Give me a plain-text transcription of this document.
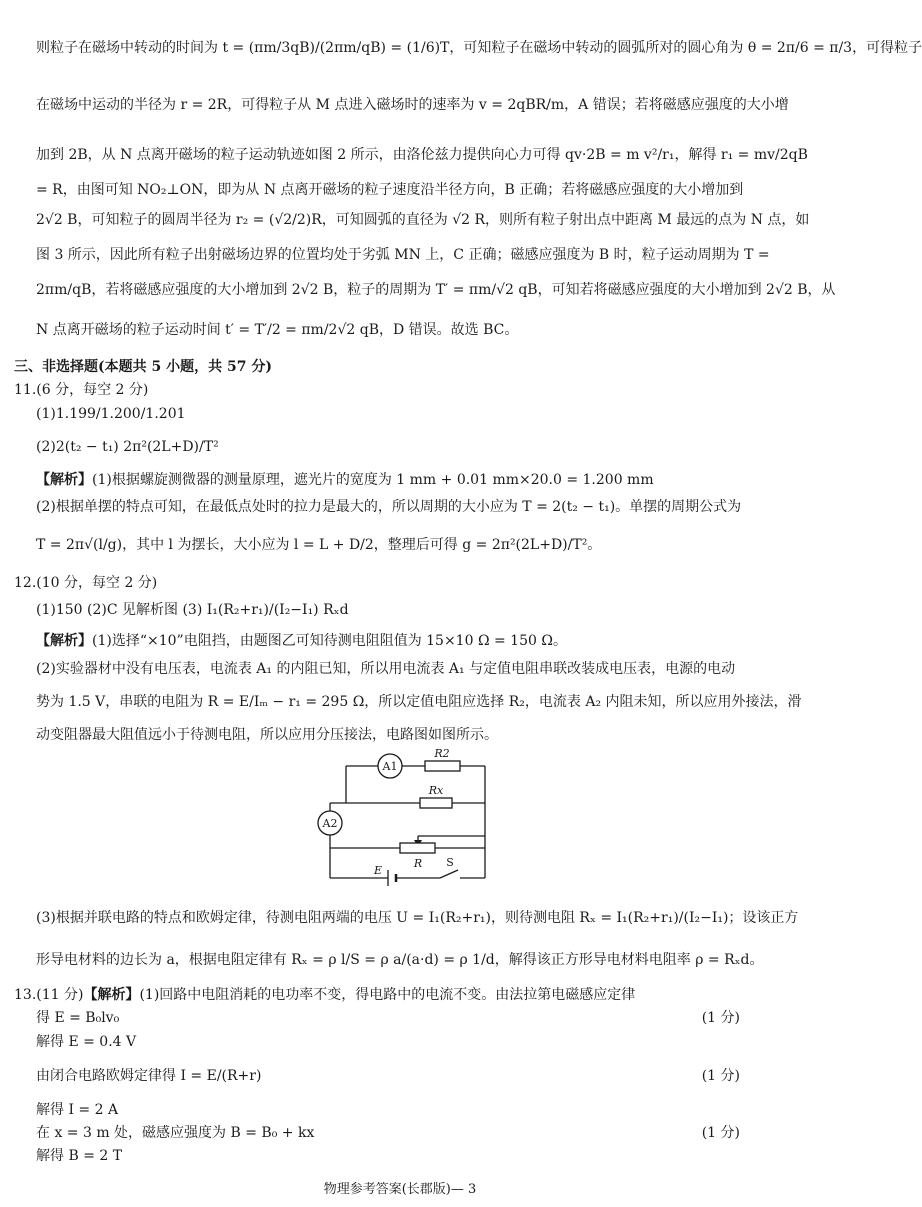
则粒子在磁场中转动的时间为 t = (πm/3qB)/(2πm/qB) = (1/6)T，可知粒子在磁场中转动的圆弧所对的圆心角为 θ = 2π/6 = π/3，可得粒子
在磁场中运动的半径为 r = 2R，可得粒子从 M 点进入磁场时的速率为 v = 2qBR/m，A 错误；若将磁感应强度的大小增
加到 2B，从 N 点离开磁场的粒子运动轨迹如图 2 所示，由洛伦兹力提供向心力可得 qv·2B = m v²/r₁，解得 r₁ = mv/2qB
= R，由图可知 NO₂⊥ON，即为从 N 点离开磁场的粒子速度沿半径方向，B 正确；若将磁感应强度的大小增加到
2√2 B，可知粒子的圆周半径为 r₂ = (√2/2)R，可知圆弧的直径为 √2 R，则所有粒子射出点中距离 M 最远的点为 N 点，如
图 3 所示，因此所有粒子出射磁场边界的位置均处于劣弧 MN 上，C 正确；磁感应强度为 B 时，粒子运动周期为 T =
2πm/qB，若将磁感应强度的大小增加到 2√2 B，粒子的周期为 T′ = πm/√2 qB，可知若将磁感应强度的大小增加到 2√2 B，从
N 点离开磁场的粒子运动时间 t′ = T′/2 = πm/2√2 qB，D 错误。故选 BC。
三、非选择题(本题共 5 小题，共 57 分)
11.(6 分，每空 2 分)
(1)1.199/1.200/1.201
(2)2(t₂ − t₁) 2π²(2L+D)/T²
【解析】(1)根据螺旋测微器的测量原理，遮光片的宽度为 1 mm + 0.01 mm×20.0 = 1.200 mm
(2)根据单摆的特点可知，在最低点处时的拉力是最大的，所以周期的大小应为 T = 2(t₂ − t₁)。单摆的周期公式为
T = 2π√(l/g)，其中 l 为摆长，大小应为 l = L + D/2，整理后可得 g = 2π²(2L+D)/T²。
12.(10 分，每空 2 分)
(1)150 (2)C 见解析图 (3) I₁(R₂+r₁)/(I₂−I₁) Rₓd
【解析】(1)选择“×10”电阻挡，由题图乙可知待测电阻阻值为 15×10 Ω = 150 Ω。
(2)实验器材中没有电压表，电流表 A₁ 的内阻已知，所以用电流表 A₁ 与定值电阻串联改装成电压表，电源的电动
势为 1.5 V，串联的电阻为 R = E/Iₘ − r₁ = 295 Ω，所以定值电阻应选择 R₂，电流表 A₂ 内阻未知，所以应用外接法，滑
动变阻器最大阻值远小于待测电阻，所以应用分压接法，电路图如图所示。
A1
A2
R2
Rx
R
E
S
(3)根据并联电路的特点和欧姆定律，待测电阻两端的电压 U = I₁(R₂+r₁)，则待测电阻 Rₓ = I₁(R₂+r₁)/(I₂−I₁)；设该正方
形导电材料的边长为 a，根据电阻定律有 Rₓ = ρ l/S = ρ a/(a·d) = ρ 1/d，解得该正方形导电材料电阻率 ρ = Rₓd。
13.(11 分)【解析】(1)回路中电阻消耗的电功率不变，得电路中的电流不变。由法拉第电磁感应定律
得 E = B₀lv₀	(1 分)
解得 E = 0.4 V
由闭合电路欧姆定律得 I = E/(R+r)	(1 分)
解得 I = 2 A
在 x = 3 m 处，磁感应强度为 B = B₀ + kx	(1 分)
解得 B = 2 T
物理参考答案(长郡版)— 3
